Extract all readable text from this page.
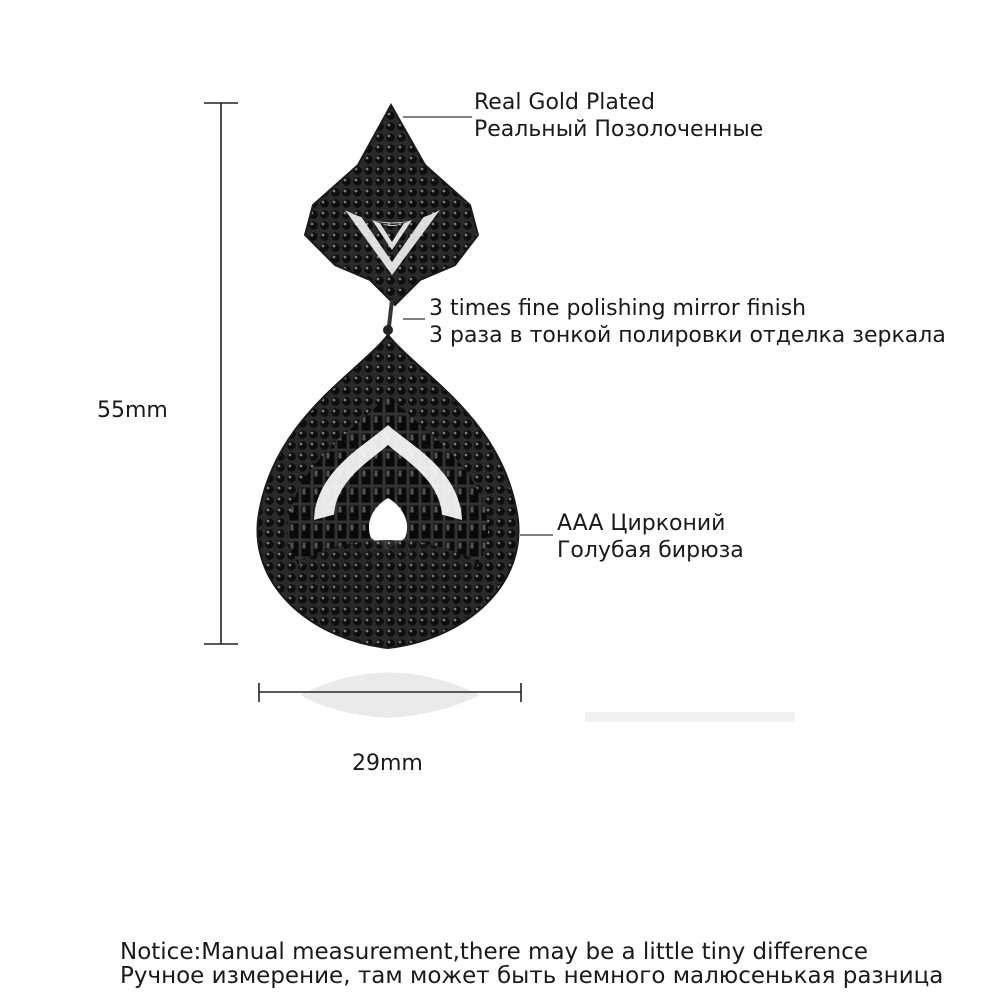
Real Gold Plated
Реальный Позолоченные
3 times fine polishing mirror finish
3 раза в тонкой полировки отделка зеркала
AAA Цирконий
Голубая бирюза
55mm
29mm
Notice:Manual measurement,there may be a little tiny difference
Ручное измерение, там может быть немного малюсенькая разница
